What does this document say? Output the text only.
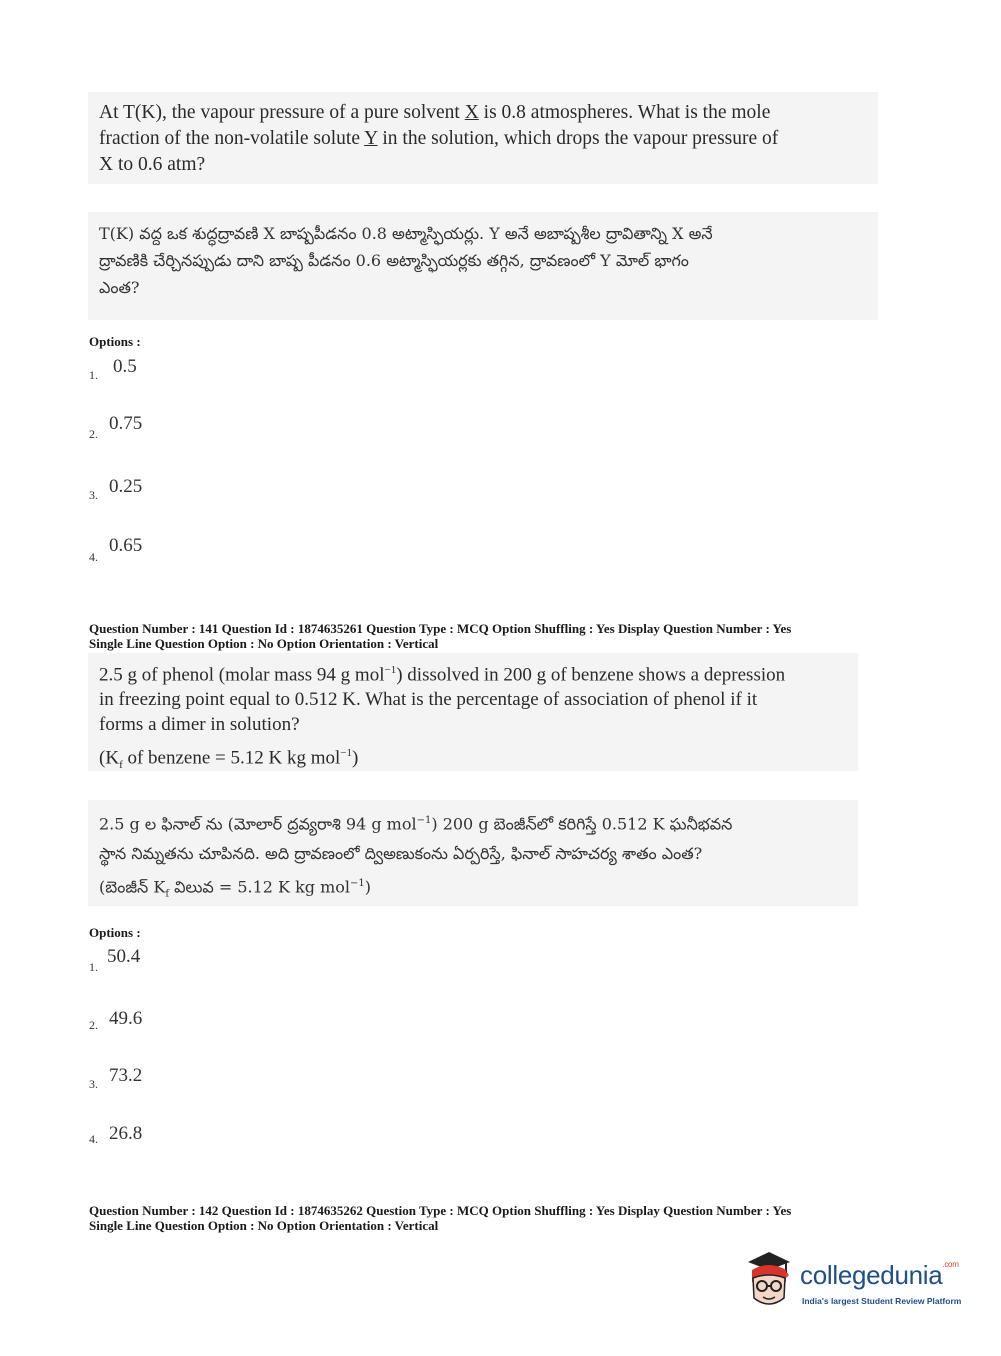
At T(K), the vapour pressure of a pure solvent X is 0.8 atmospheres. What is the mole
fraction of the non-volatile solute Y in the solution, which drops the vapour pressure of
X to 0.6 atm?
T(K) వద్ద ఒక శుద్ధద్రావణి X బాష్పపీడనం 0.8 అట్మాస్ఫియర్లు. Y అనే అబాష్పశీల ద్రావితాన్ని X అనే
ద్రావణికి చేర్చినప్పుడు దాని బాష్ప పీడనం 0.6 అట్మాస్ఫియర్లకు తగ్గిన, ద్రావణంలో Y మోల్ భాగం
ఎంత?
Options :
1. 0.5
2. 0.75
3. 0.25
4.
0.65
Question Number : 141 Question Id : 1874635261 Question Type : MCQ Option Shuffling : Yes Display Question Number : Yes
Single Line Question Option : No Option Orientation : Vertical
2.5 g of phenol (molar mass 94 g mol$^{-1}$) dissolved in 200 g of benzene shows a depression
in freezing point equal to 0.512 K. What is the percentage of association of phenol if it
forms a dimer in solution?
($K_f$ of benzene = 5.12 K kg mol$^{-1}$)
2.5 g ల ఫినాల్ ను (మోలార్ ద్రవ్యరాశి 94 g mol$^{-1}$) 200 g బెంజీన్‌లో కరిగిస్తే 0.512 K ఘనీభవన
స్థాన నిమ్నతను చూపినది. అది ద్రావణంలో ద్విఅణుకంను ఏర్పరిస్తే, ఫినాల్ సాహచర్య శాతం ఎంత?
(బెంజీన్ $K_f$ విలువ = 5.12 K kg mol$^{-1}$)
Options :
1. 50.4
2. 49.6
3. 73.2
4. 26.8
Question Number : 142 Question Id : 1874635262 Question Type : MCQ Option Shuffling : Yes Display Question Number : Yes
Single Line Question Option : No Option Orientation : Vertical
collegedunia$^{.com}$
India's largest Student Review Platform
